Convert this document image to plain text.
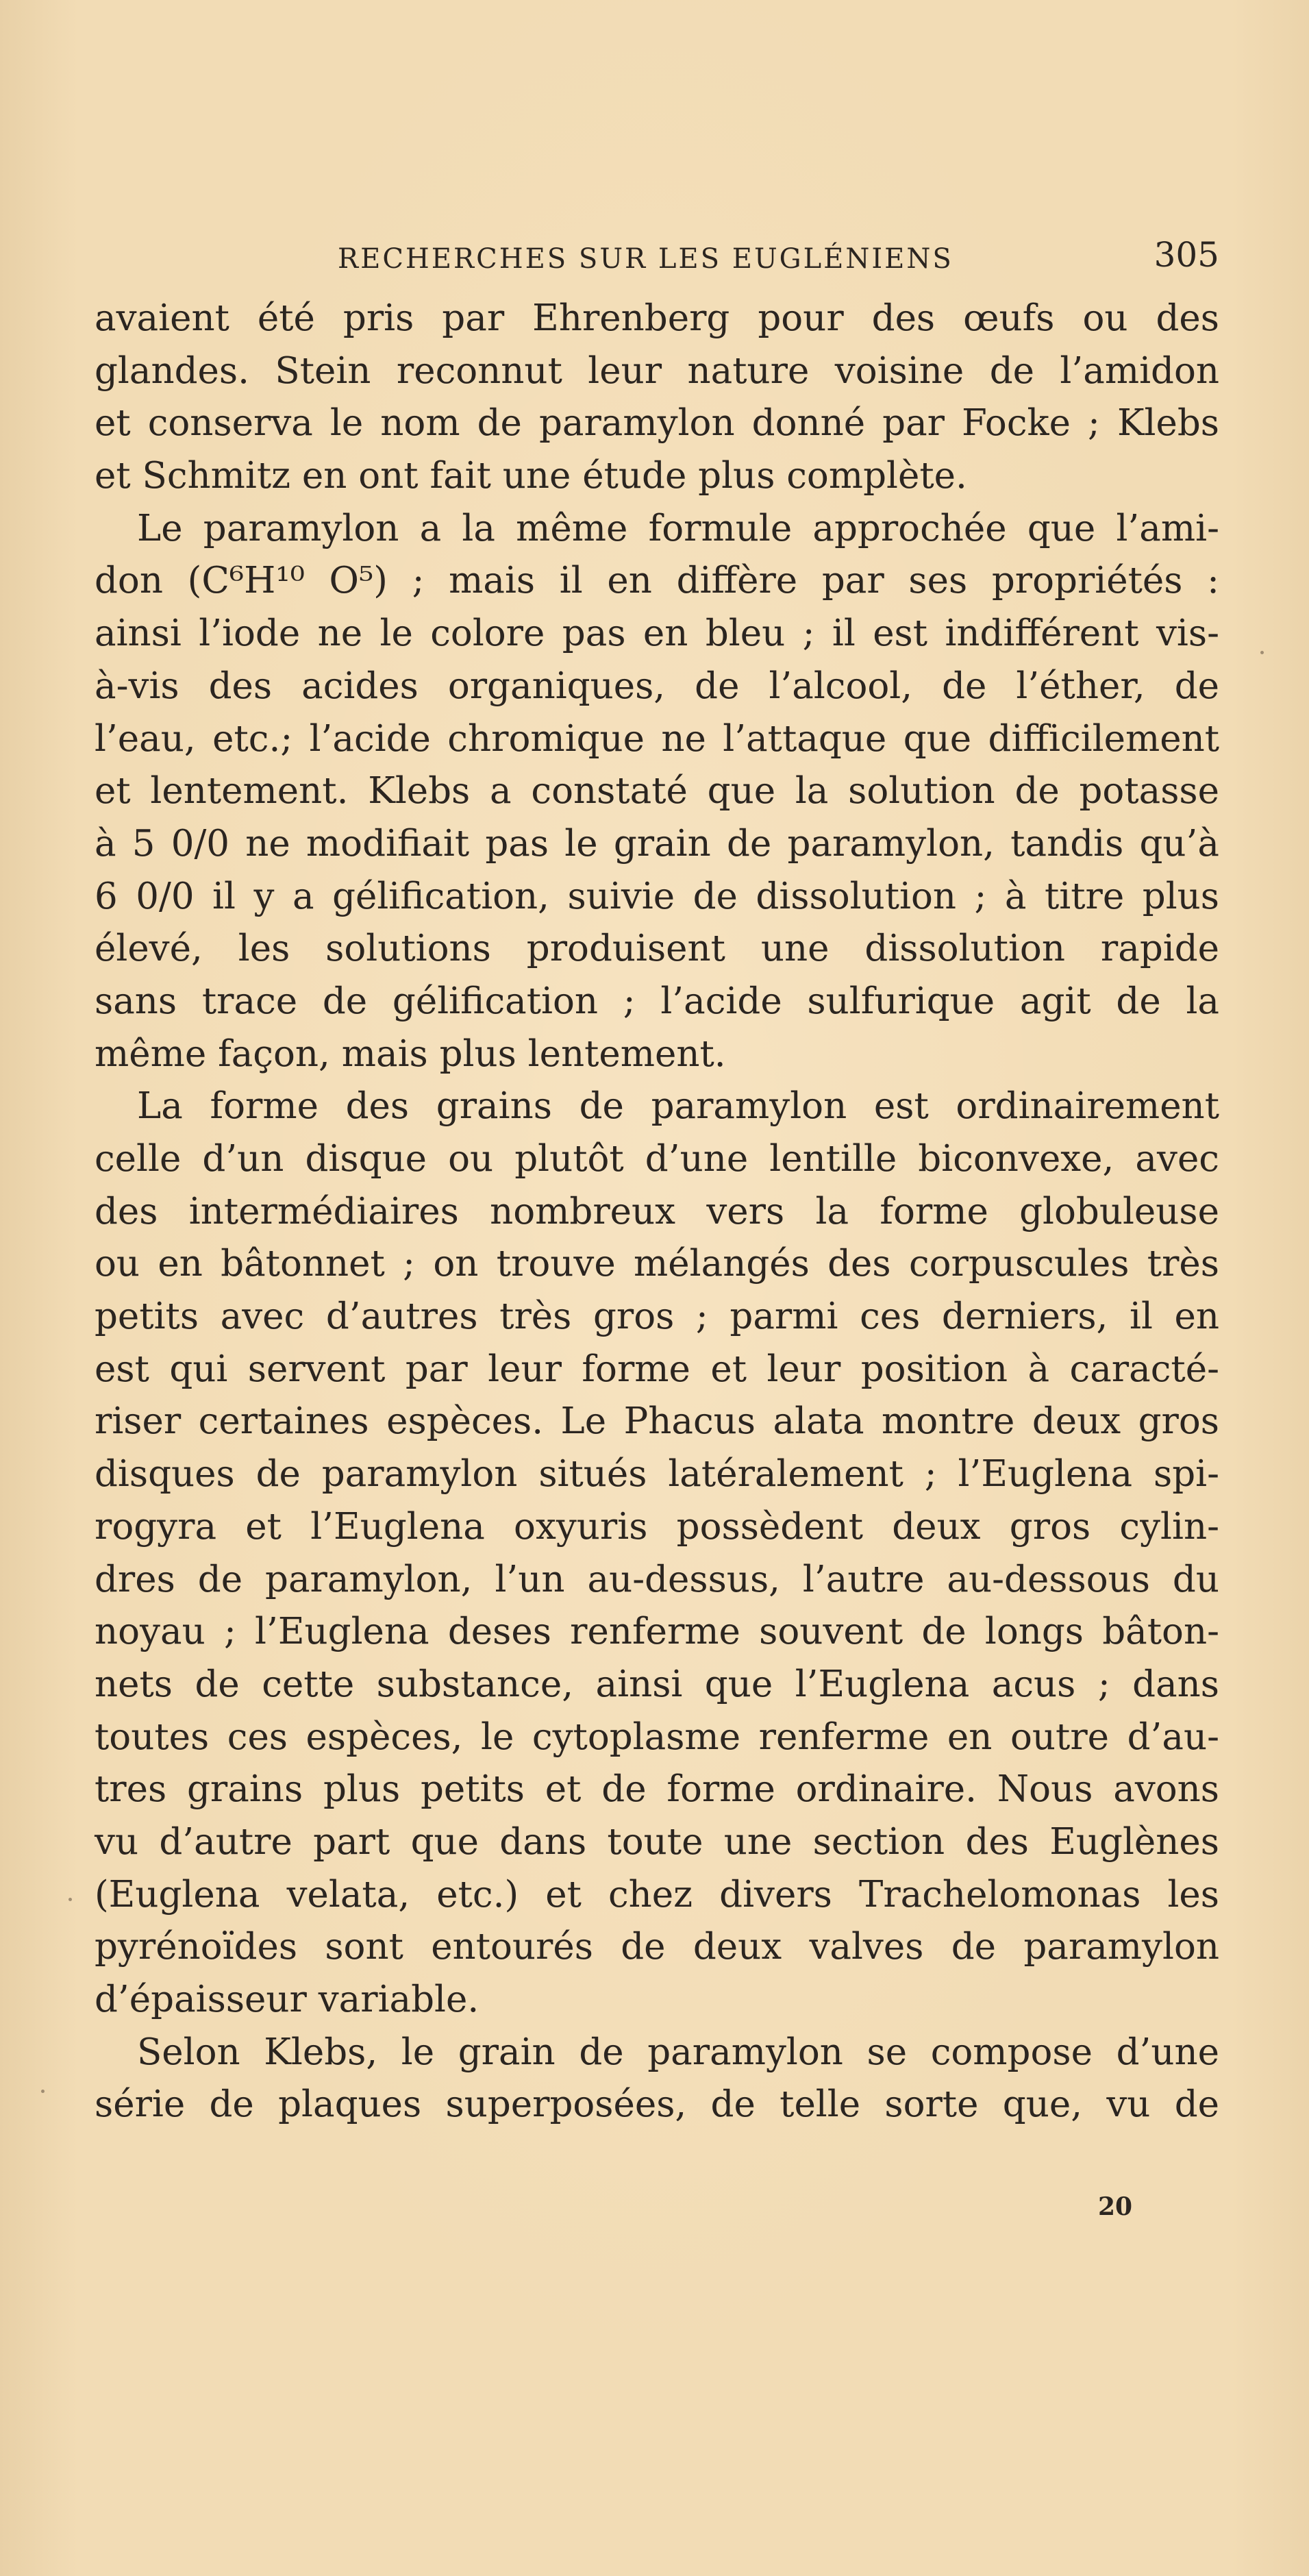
RECHERCHES SUR LES EUGLÉNIENS	305
avaient été pris par Ehrenberg pour des œufs ou des
glandes. Stein reconnut leur nature voisine de l’amidon
et conserva le nom de paramylon donné par Focke ; Klebs
et Schmitz en ont fait une étude plus complète.
Le paramylon a la même formule approchée que l’ami-
don (C⁶H¹⁰ O⁵) ; mais il en diffère par ses propriétés :
ainsi l’iode ne le colore pas en bleu ; il est indifférent vis-
à-vis des acides organiques, de l’alcool, de l’éther, de
l’eau, etc.; l’acide chromique ne l’attaque que difficilement
et lentement. Klebs a constaté que la solution de potasse
à 5 0/0 ne modifiait pas le grain de paramylon, tandis qu’à
6 0/0 il y a gélification, suivie de dissolution ; à titre plus
élevé, les solutions produisent une dissolution rapide
sans trace de gélification ; l’acide sulfurique agit de la
même façon, mais plus lentement.
La forme des grains de paramylon est ordinairement
celle d’un disque ou plutôt d’une lentille biconvexe, avec
des intermédiaires nombreux vers la forme globuleuse
ou en bâtonnet ; on trouve mélangés des corpuscules très
petits avec d’autres très gros ; parmi ces derniers, il en
est qui servent par leur forme et leur position à caracté-
riser certaines espèces. Le Phacus alata montre deux gros
disques de paramylon situés latéralement ; l’Euglena spi-
rogyra et l’Euglena oxyuris possèdent deux gros cylin-
dres de paramylon, l’un au-dessus, l’autre au-dessous du
noyau ; l’Euglena deses renferme souvent de longs bâton-
nets de cette substance, ainsi que l’Euglena acus ; dans
toutes ces espèces, le cytoplasme renferme en outre d’au-
tres grains plus petits et de forme ordinaire. Nous avons
vu d’autre part que dans toute une section des Euglènes
(Euglena velata, etc.) et chez divers Trachelomonas les
pyrénoïdes sont entourés de deux valves de paramylon
d’épaisseur variable.
Selon Klebs, le grain de paramylon se compose d’une
série de plaques superposées, de telle sorte que, vu de
20
